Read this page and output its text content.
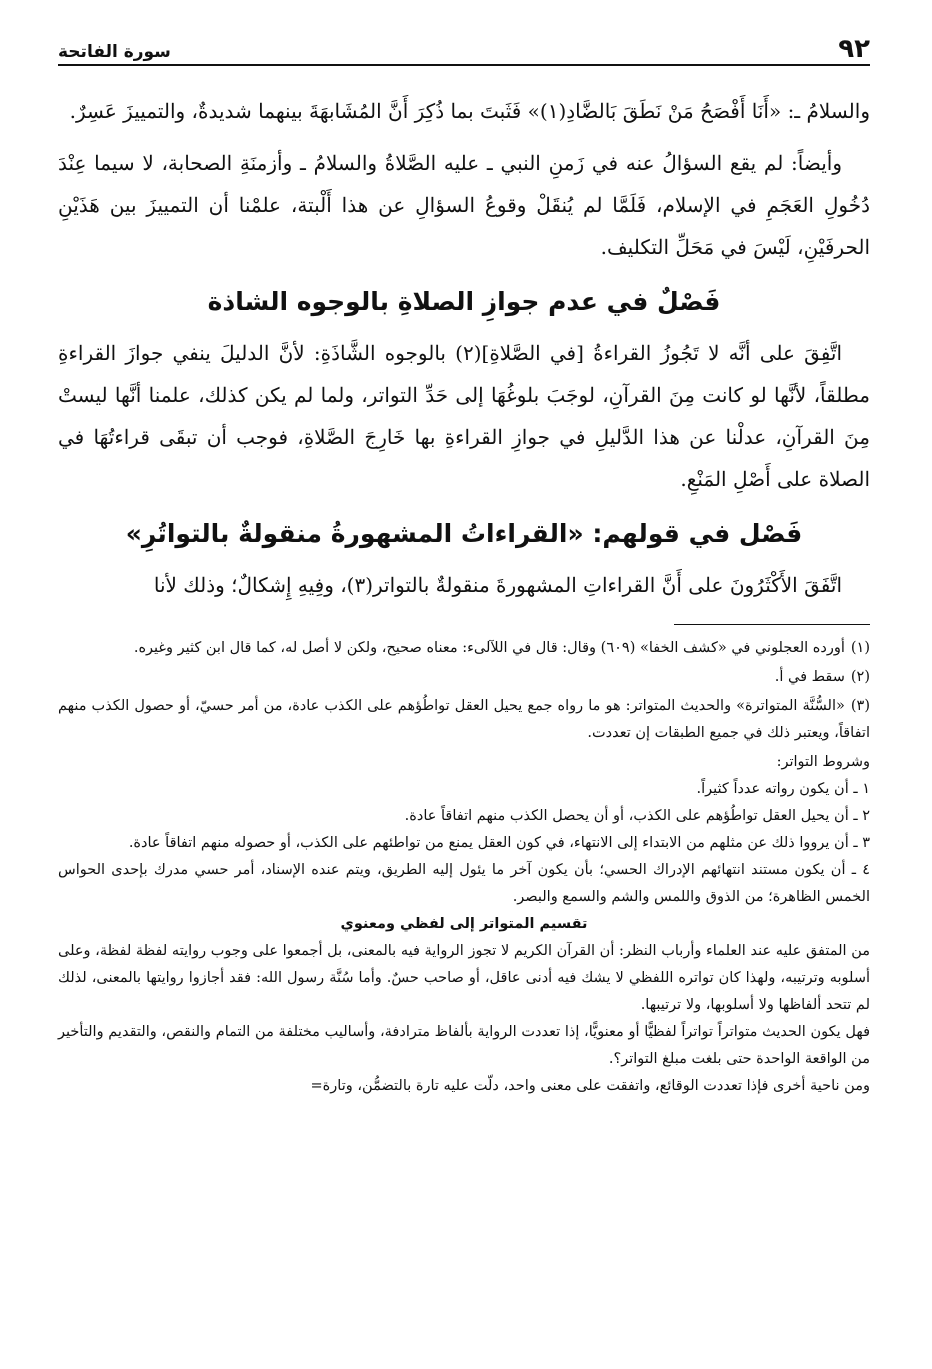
٩٢
سورة الفاتحة

والسلامُ ـ: «أَنَا أَفْصَحُ مَنْ نَطَقَ بَالضَّادِ(١)» فَثَبتَ بما ذُكِرَ أَنَّ المُشَابهَةَ بينهما شديدةٌ، والتمييزَ عَسِرٌ.

وأيضاً: لم يقع السؤالُ عنه في زَمنِ النبي ـ عليه الصَّلاةُ والسلامُ ـ وأزمنَةِ الصحابة، لا سيما عِنْدَ دُخُولِ العَجَمِ في الإسلام، فَلَمَّا لم يُنقَلْ وقوعُ السؤالِ عن هذا أَلْبتة، علمْنا أن التمييزَ بين هَذَيْنِ الحرفَيْنِ، لَيْسَ في مَحَلِّ التكليف.

فَصْلٌ في عدم جوازِ الصلاةِ بالوجوه الشاذة

اتَّفِقَ على أنَّه لا تَجُوزُ القراءةُ [في الصَّلاةِ](٢) بالوجوه الشَّاذَةِ: لأنَّ الدليلَ ينفي جوازَ القراءةِ مطلقاً، لأنَّها لو كانت مِنَ القرآنِ، لوجَبَ بلوغُهَا إلى حَدِّ التواتر، ولما لم يكن كذلك، علمنا أنَّها ليستْ مِنَ القرآنِ، عدلْنا عن هذا الدَّليلِ في جوازِ القراءةِ بها خَارِجَ الصَّلاةِ، فوجب أن تبقَى قراءتُهَا في الصلاة على أَصْلِ المَنْعِ.

فَصْل في قولهم: «القراءاتُ المشهورةُ منقولةٌ بالتواتُرِ»

اتَّفَقَ الأَكْثَرُونَ على أَنَّ القراءاتِ المشهورةَ منقولةٌ بالتواتر(٣)، وفِيهِ إِشكالٌ؛ وذلك لأنا

(١)أورده العجلوني في «كشف الخفا» (٦٠٩) وقال: قال في اللآلىء: معناه صحيح، ولكن لا أصل له، كما قال ابن كثير وغيره.

(٢)سقط في أ.

(٣)«السُّنَّة المتواترة» والحديث المتواتر: هو ما رواه جمع يحيل العقل تواطُؤهم على الكذب عادة، من أمر حسيّ، أو حصول الكذب منهم اتفاقاً، ويعتبر ذلك في جميع الطبقات إن تعددت.

وشروط التواتر:

١ ـ أن يكون رواته عدداً كثيراً.

٢ ـ أن يحيل العقل تواطُؤهم على الكذب، أو أن يحصل الكذب منهم اتفاقاً عادة.

٣ ـ أن يرووا ذلك عن مثلهم من الابتداء إلى الانتهاء، في كون العقل يمنع من تواطئهم على الكذب، أو حصوله منهم اتفاقاً عادة.

٤ ـ أن يكون مستند انتهائهم الإدراك الحسي؛ بأن يكون آخر ما يئول إليه الطريق، ويتم عنده الإسناد، أمر حسي مدرك بإحدى الحواس الخمس الظاهرة؛ من الذوق واللمس والشم والسمع والبصر.

تقسيم المتواتر إلى لفظي ومعنوي

من المتفق عليه عند العلماء وأرباب النظر: أن القرآن الكريم لا تجوز الرواية فيه بالمعنى، بل أجمعوا على وجوب روايته لفظة لفظة، وعلى أسلوبه وترتيبه، ولهذا كان تواتره اللفظي لا يشك فيه أدنى عاقل، أو صاحب حسٌ. وأما سُنَّة رسول الله: فقد أجازوا روايتها بالمعنى، لذلك لم تتحد ألفاظها ولا أسلوبها، ولا ترتيبها.

فهل يكون الحديث متواتراً تواتراً لفظيًّا أو معنويًّا، إذا تعددت الرواية بألفاظ مترادفة، وأساليب مختلفة من التمام والنقص، والتقديم والتأخير من الواقعة الواحدة حتى بلغت مبلغ التواتر؟.

ومن ناحية أخرى فإذا تعددت الوقائع، واتفقت على معنى واحد، دلّت عليه تارة بالتضمُّن، وتارة=
